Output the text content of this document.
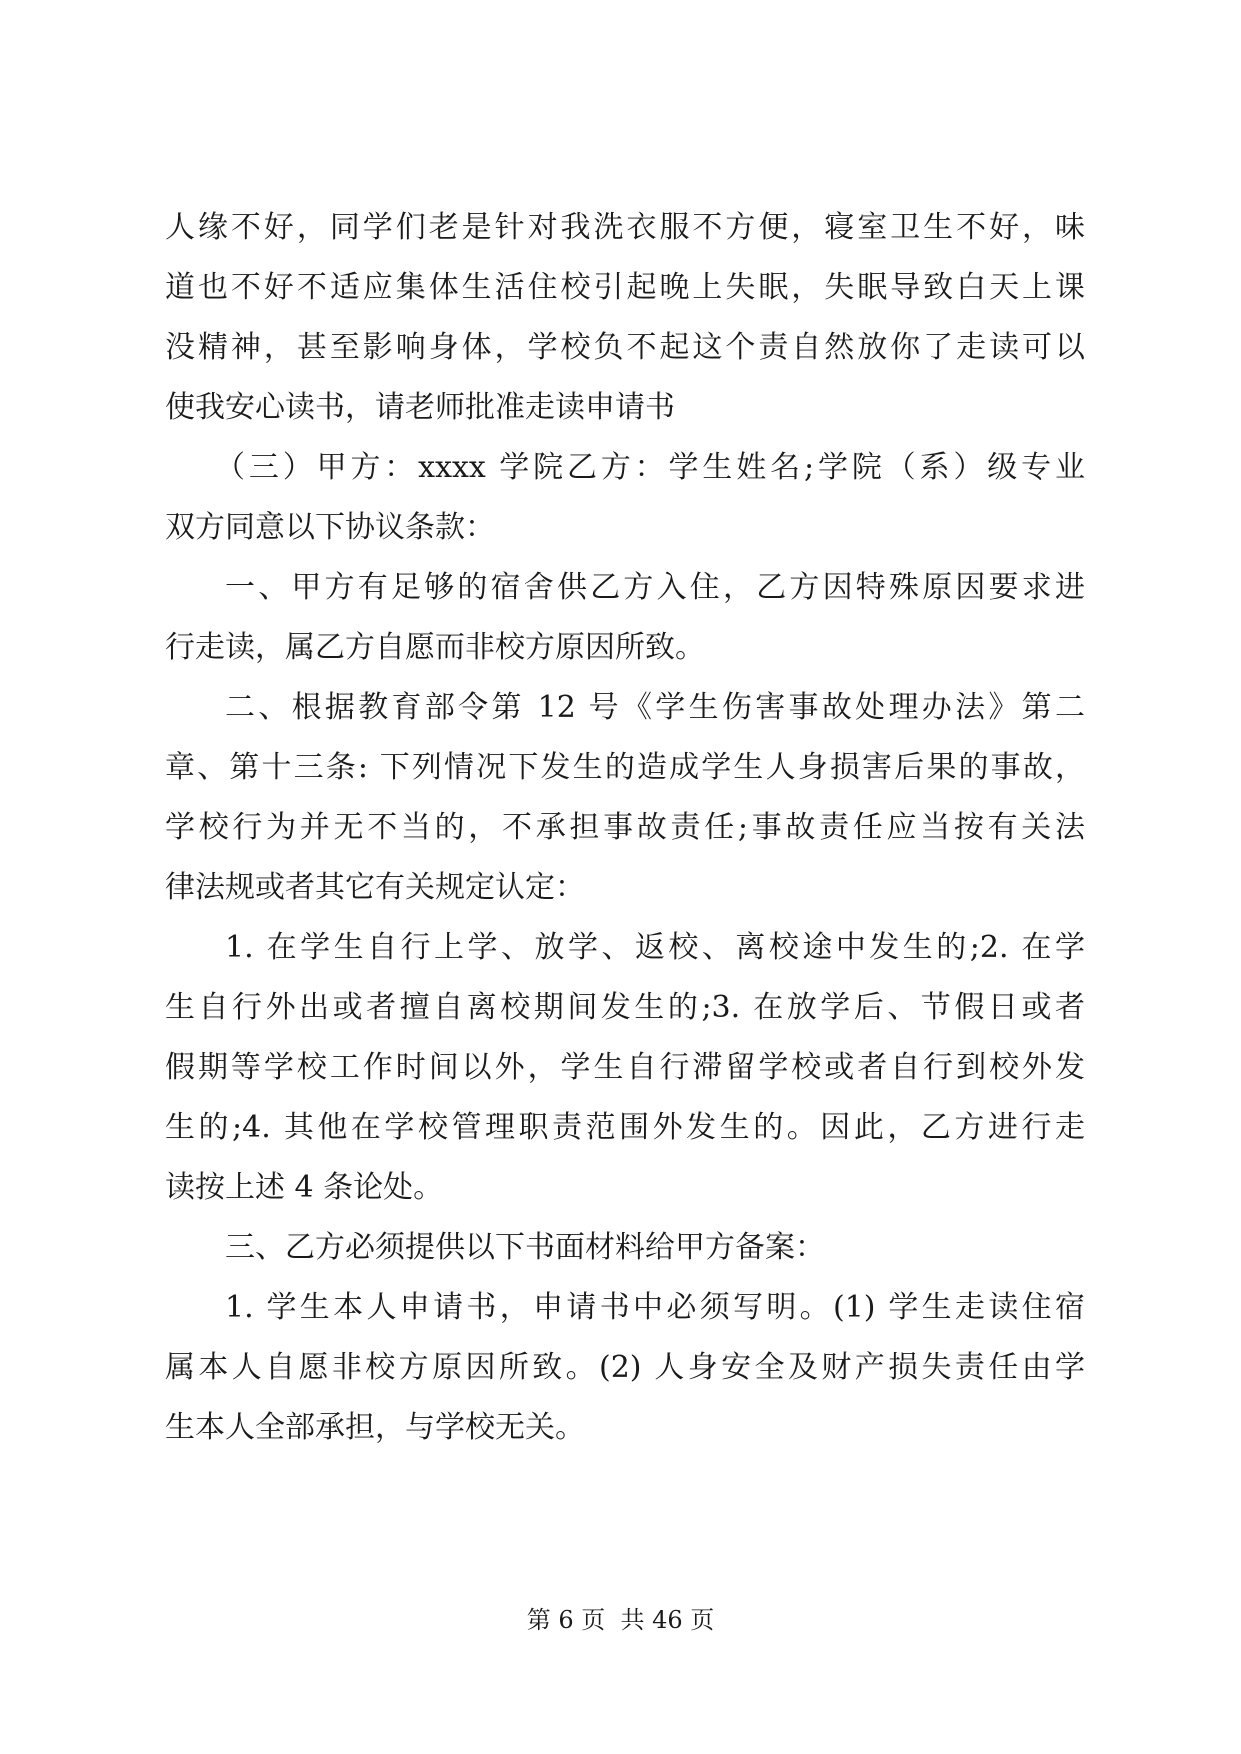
人缘不好，同学们老是针对我洗衣服不方便，寝室卫生不好，味
道也不好不适应集体生活住校引起晚上失眠，失眠导致白天上课
没精神，甚至影响身体，学校负不起这个责自然放你了走读可以
使我安心读书，请老师批准走读申请书
（三）甲方：xxxx 学院乙方：学生姓名;学院（系）级专业
双方同意以下协议条款：
一、甲方有足够的宿舍供乙方入住，乙方因特殊原因要求进
行走读，属乙方自愿而非校方原因所致。
二、根据教育部令第 12 号《学生伤害事故处理办法》第二
章、第十三条: 下列情况下发生的造成学生人身损害后果的事故，
学校行为并无不当的，不承担事故责任;事故责任应当按有关法
律法规或者其它有关规定认定：
1. 在学生自行上学、放学、返校、离校途中发生的;2. 在学
生自行外出或者擅自离校期间发生的;3. 在放学后、节假日或者
假期等学校工作时间以外，学生自行滞留学校或者自行到校外发
生的;4. 其他在学校管理职责范围外发生的。因此，乙方进行走
读按上述 4 条论处。
三、乙方必须提供以下书面材料给甲方备案：
1. 学生本人申请书，申请书中必须写明。(1) 学生走读住宿
属本人自愿非校方原因所致。(2) 人身安全及财产损失责任由学
生本人全部承担，与学校无关。
第 6 页  共 46 页
